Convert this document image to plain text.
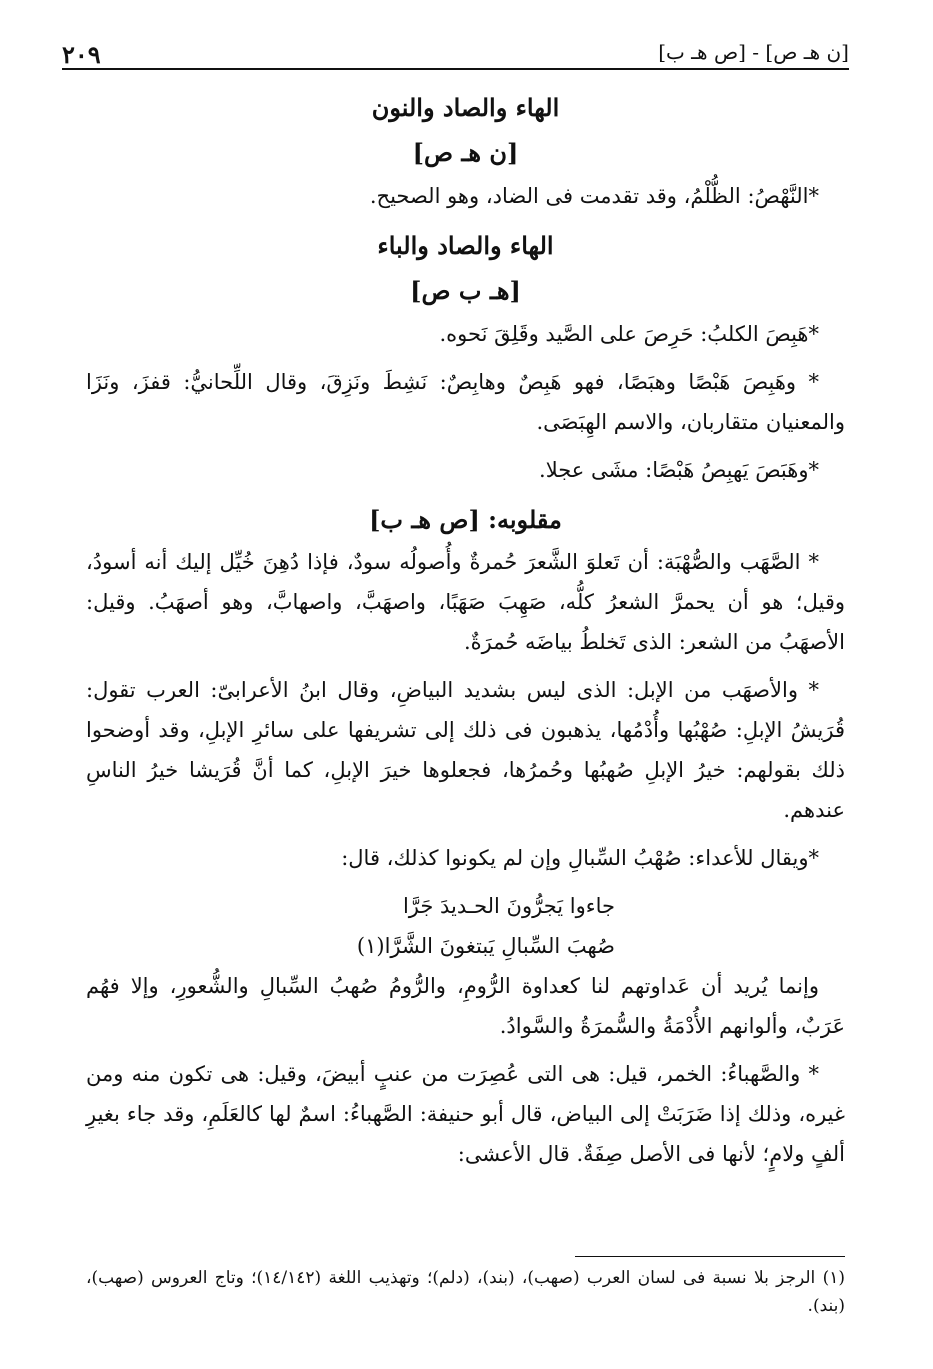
٢٠٩	[ن هـ ص] - [ص هـ ب]
الهاء والصاد والنون
[ن هـ ص]

*النَّهْصُ: الظُّلْمُ، وقد تقدمت فى الضاد، وهو الصحيح.

الهاء والصاد والباء
[هـ ب ص]

*هَبِصَ الكلبُ: حَرِصَ على الصَّيد وقَلِقَ نَحوه.

* وهَبِصَ هَبْصًا وهبَصًا، فهو هَبِصٌ وهابِصٌ: نَشِطَ ونَزِقَ، وقال اللِّحانيُّ: قفزَ، ونَزَا والمعنيان متقاربان، والاسم الهِبَصَى.

*وهَبَصَ يَهبِصُ هَبْصًا: مشَى عجلا.

مقلوبه: [ص هـ ب]

* الصَّهَب والصُّهْبَة: أن تَعلوَ الشَّعرَ حُمرةٌ وأُصولُه سودٌ، فإذا دُهِنَ خُيِّل إليك أنه أسودُ، وقيل؛ هو أن يحمرَّ الشعرُ كلُّه، صَهِبَ صَهَبًا، واصهَبَّ، واصهابَّ، وهو أصهَبُ. وقيل: الأصهَبُ من الشعر: الذى تَخلطُ بياضَه حُمرَةٌ.

* والأصهَب من الإبل: الذى ليس بشديد البياضِ، وقال ابنُ الأعرابىّ: العرب تقول: قُرَيشُ الإبلِ: صُهْبُها وأُدْمُها، يذهبون فى ذلك إلى تشريفها على سائرِ الإبلِ، وقد أوضحوا ذلك بقولهم: خيرُ الإبلِ صُهبُها وحُمرُها، فجعلوها خيرَ الإبلِ، كما أنَّ قُرَيشا خيرُ الناسِ عندهم.

*ويقال للأعداء: صُهْبُ السِّبالِ وإن لم يكونوا كذلك، قال:

جاءوا يَجرُّونَ الحـديدَ جَرَّا
صُهبَ السِّبالِ يَبتغونَ الشَّرَّا(١)

وإنما يُريد أن عَداوتهم لنا كعداوة الرُّومِ، والرُّومُ صُهبُ السِّبالِ والشُّعورِ، وإلا فهُم عَرَبٌ، وألوانهم الأُدْمَةُ والسُّمرَةُ والسَّوادُ.

* والصَّهباءُ: الخمر، قيل: هى التى عُصِرَت من عنبٍ أبيضَ، وقيل: هى تكون منه ومن غيره، وذلك إذا ضَرَبَتْ إلى البياض، قال أبو حنيفة: الصَّهباءُ: اسمٌ لها كالعَلَمِ، وقد جاء بغيرِ ألفٍ ولامٍ؛ لأنها فى الأصل صِفَةٌ. قال الأعشى:

(١) الرجز بلا نسبة فى لسان العرب (صهب)، (بند)، (دلم)؛ وتهذيب اللغة (١٤/١٤٢)؛ وتاج العروس (صهب)، (بند).
